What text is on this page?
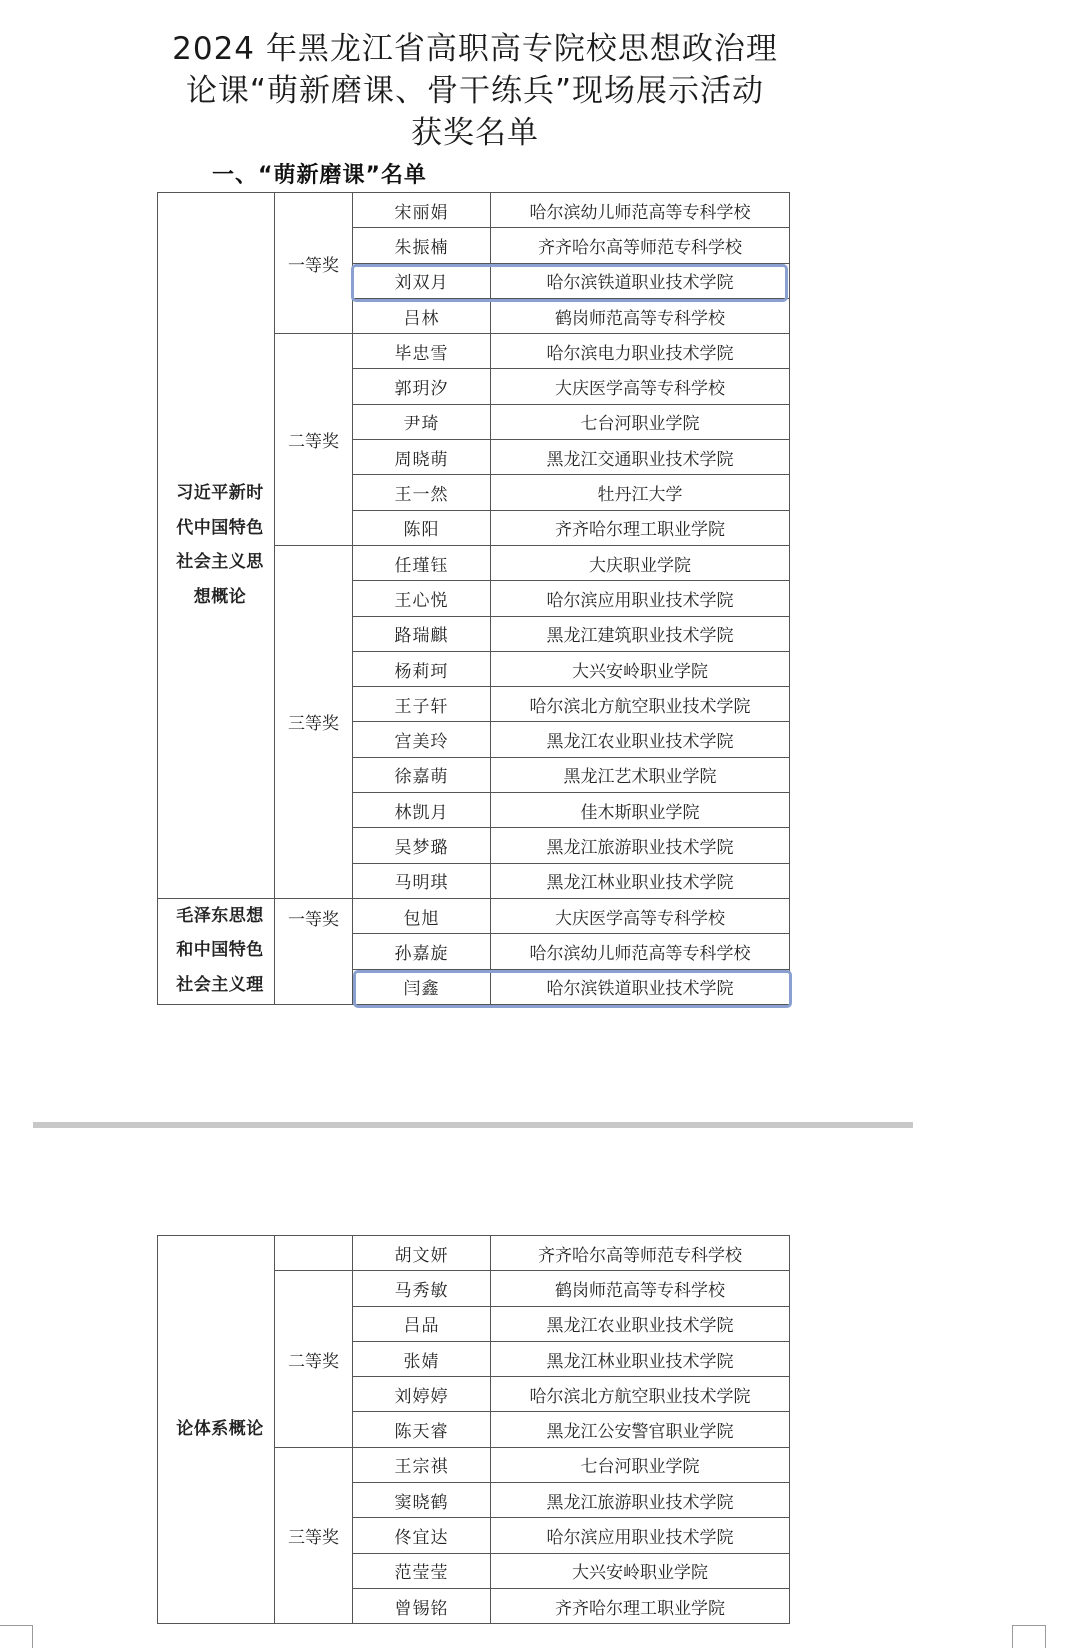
2024 年黑龙江省高职高专院校思想政治理
论课“萌新磨课、骨干练兵”现场展示活动
获奖名单
一、“萌新磨课”名单
习近平新时代中国特色社会主义思想概论	一等奖	宋丽娟	哈尔滨幼儿师范高等专科学校
		朱振楠	齐齐哈尔高等师范专科学校
		刘双月	哈尔滨铁道职业技术学院
		吕林	鹤岗师范高等专科学校
	二等奖	毕忠雪	哈尔滨电力职业技术学院
		郭玥汐	大庆医学高等专科学校
		尹琦	七台河职业学院
		周晓萌	黑龙江交通职业技术学院
		王一然	牡丹江大学
		陈阳	齐齐哈尔理工职业学院
	三等奖	任瑾钰	大庆职业学院
		王心悦	哈尔滨应用职业技术学院
		路瑞麒	黑龙江建筑职业技术学院
		杨莉珂	大兴安岭职业学院
		王子轩	哈尔滨北方航空职业技术学院
		宫美玲	黑龙江农业职业技术学院
		徐嘉萌	黑龙江艺术职业学院
		林凯月	佳木斯职业学院
		吴梦璐	黑龙江旅游职业技术学院
		马明琪	黑龙江林业职业技术学院
毛泽东思想和中国特色社会主义理	一等奖	包旭	大庆医学高等专科学校
		孙嘉旋	哈尔滨幼儿师范高等专科学校
		闫鑫	哈尔滨铁道职业技术学院
论体系概论		胡文妍	齐齐哈尔高等师范专科学校
	二等奖	马秀敏	鹤岗师范高等专科学校
		吕品	黑龙江农业职业技术学院
		张婧	黑龙江林业职业技术学院
		刘婷婷	哈尔滨北方航空职业技术学院
		陈天睿	黑龙江公安警官职业学院
	三等奖	王宗祺	七台河职业学院
		窦晓鹤	黑龙江旅游职业技术学院
		佟宜达	哈尔滨应用职业技术学院
		范莹莹	大兴安岭职业学院
		曾锡铭	齐齐哈尔理工职业学院
